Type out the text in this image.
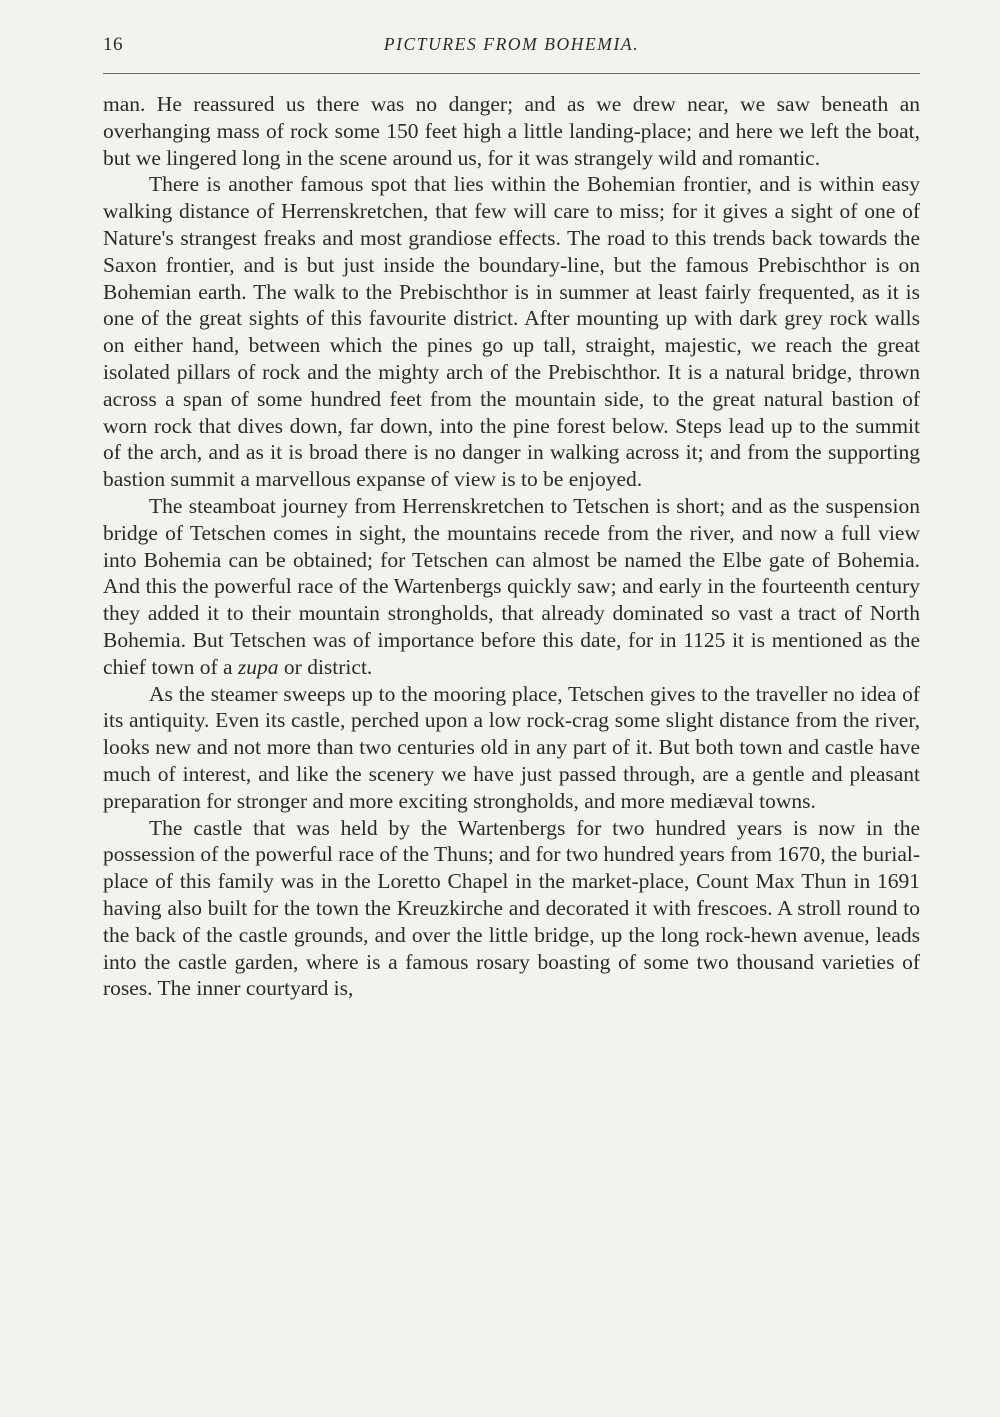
16	PICTURES FROM BOHEMIA.

man. He reassured us there was no danger; and as we drew near, we saw beneath an overhanging mass of rock some 150 feet high a little landing-place; and here we left the boat, but we lingered long in the scene around us, for it was strangely wild and romantic.

There is another famous spot that lies within the Bohemian frontier, and is within easy walking distance of Herrenskretchen, that few will care to miss; for it gives a sight of one of Nature's strangest freaks and most grandiose effects. The road to this trends back towards the Saxon frontier, and is but just inside the boundary-line, but the famous Prebischthor is on Bohemian earth. The walk to the Prebischthor is in summer at least fairly frequented, as it is one of the great sights of this favourite district. After mounting up with dark grey rock walls on either hand, between which the pines go up tall, straight, majestic, we reach the great isolated pillars of rock and the mighty arch of the Prebischthor. It is a natural bridge, thrown across a span of some hundred feet from the mountain side, to the great natural bastion of worn rock that dives down, far down, into the pine forest below. Steps lead up to the summit of the arch, and as it is broad there is no danger in walking across it; and from the supporting bastion summit a marvellous expanse of view is to be enjoyed.

The steamboat journey from Herrenskretchen to Tetschen is short; and as the suspension bridge of Tetschen comes in sight, the mountains recede from the river, and now a full view into Bohemia can be obtained; for Tetschen can almost be named the Elbe gate of Bohemia. And this the powerful race of the Wartenbergs quickly saw; and early in the fourteenth century they added it to their mountain strongholds, that already dominated so vast a tract of North Bohemia. But Tetschen was of importance before this date, for in 1125 it is mentioned as the chief town of a zupa or district.

As the steamer sweeps up to the mooring place, Tetschen gives to the traveller no idea of its antiquity. Even its castle, perched upon a low rock-crag some slight distance from the river, looks new and not more than two centuries old in any part of it. But both town and castle have much of interest, and like the scenery we have just passed through, are a gentle and pleasant preparation for stronger and more exciting strongholds, and more mediæval towns.

The castle that was held by the Wartenbergs for two hundred years is now in the possession of the powerful race of the Thuns; and for two hundred years from 1670, the burial-place of this family was in the Loretto Chapel in the market-place, Count Max Thun in 1691 having also built for the town the Kreuzkirche and decorated it with frescoes. A stroll round to the back of the castle grounds, and over the little bridge, up the long rock-hewn avenue, leads into the castle garden, where is a famous rosary boasting of some two thousand varieties of roses. The inner courtyard is,
